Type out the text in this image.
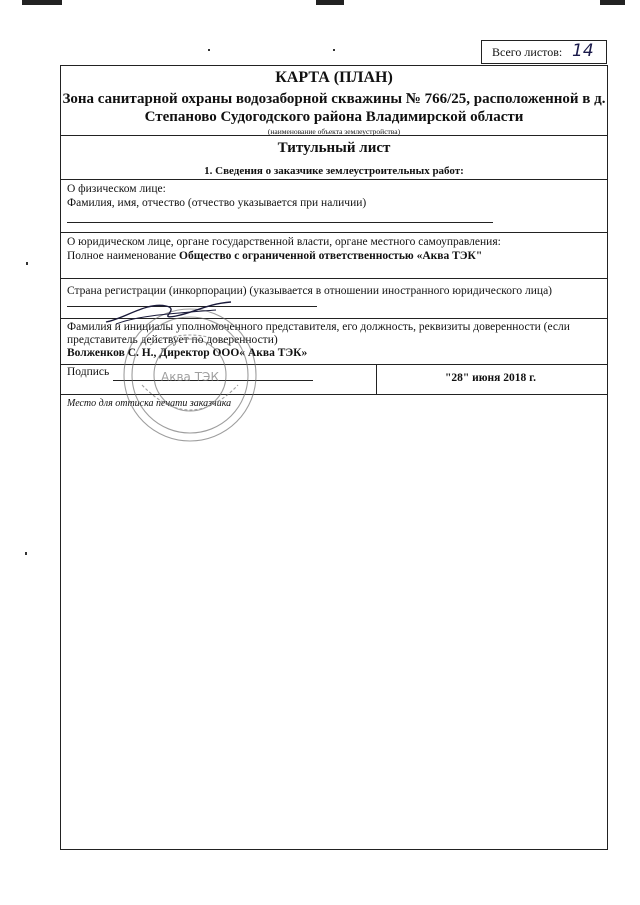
Всего листов: 14
КАРТА (ПЛАН)
Зона санитарной охраны водозаборной скважины № 766/25, расположенной в д.
Степаново Судогодского района Владимирской области
(наименование объекта землеустройства)
Титульный лист
1. Сведения о заказчике землеустроительных работ:
О физическом лице:
Фамилия, имя, отчество (отчество указывается при наличии)
О юридическом лице, органе государственной власти, органе местного самоуправления:
Полное наименование Общество с ограниченной ответственностью «Аква ТЭК"
Страна регистрации (инкорпорации) (указывается в отношении иностранного юридического лица)
Фамилия и инициалы уполномоченного представителя, его должность, реквизиты доверенности (если
представитель действует по доверенности)
Волженков С. Н., Директор ООО« Аква ТЭК»
Подпись	"28" июня 2018 г.
Место для оттиска печати заказчика
Аква ТЭК
